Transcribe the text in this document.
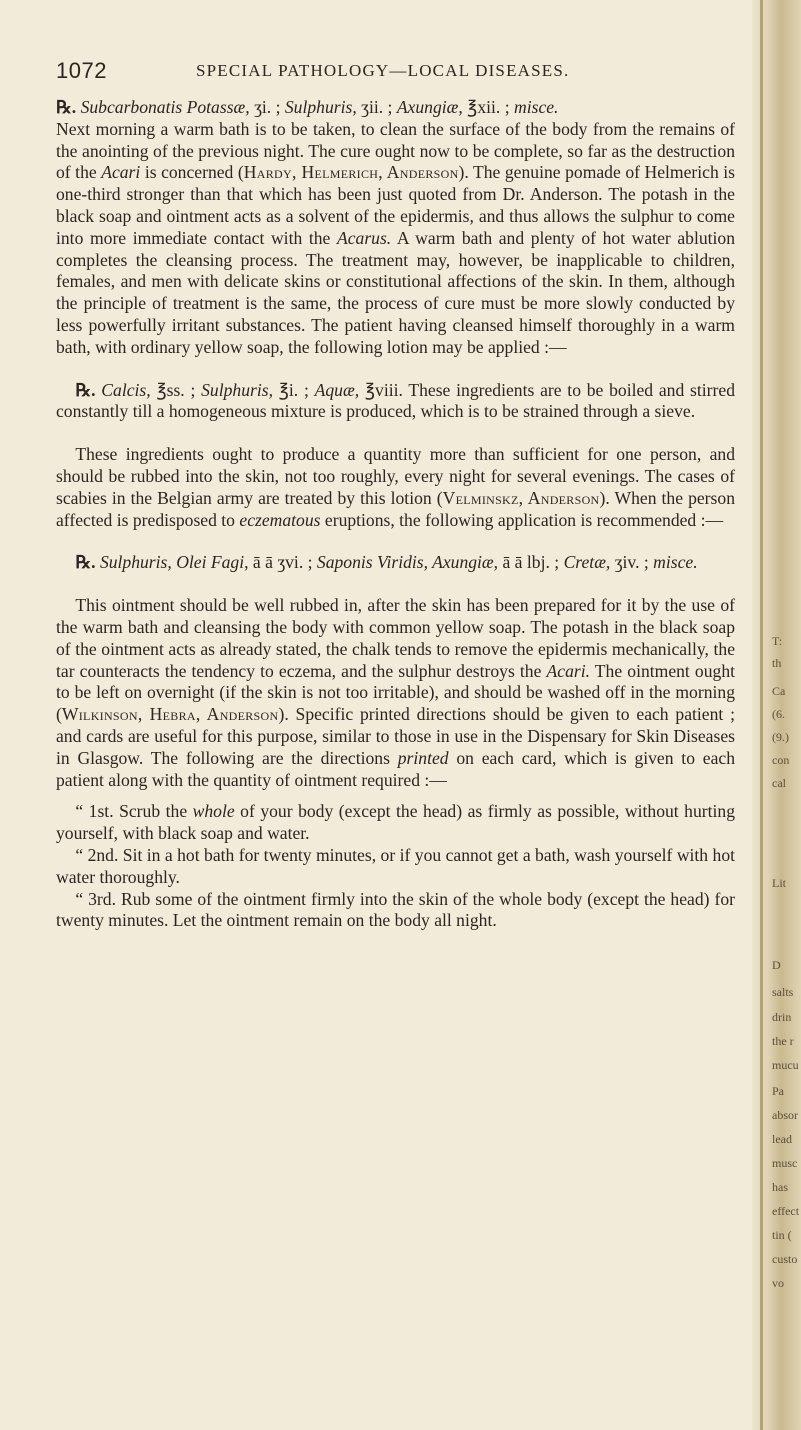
1072	SPECIAL PATHOLOGY—LOCAL DISEASES.

℞. Subcarbonatis Potassæ, ʒi. ; Sulphuris, ʒii. ; Axungiæ, ℥xii. ; misce.

Next morning a warm bath is to be taken, to clean the surface of the body from the remains of the anointing of the previous night. The cure ought now to be complete, so far as the destruction of the Acari is concerned (Hardy, Helmerich, Anderson). The genuine pomade of Helmerich is one-third stronger than that which has been just quoted from Dr. Anderson. The potash in the black soap and ointment acts as a solvent of the epidermis, and thus allows the sulphur to come into more immediate contact with the Acarus. A warm bath and plenty of hot water ablution completes the cleansing process. The treatment may, however, be inapplicable to children, females, and men with delicate skins or constitutional affections of the skin. In them, although the principle of treatment is the same, the process of cure must be more slowly conducted by less powerfully irritant substances. The patient having cleansed himself thoroughly in a warm bath, with ordinary yellow soap, the following lotion may be applied :—

℞. Calcis, ℥ss. ; Sulphuris, ℥i. ; Aquæ, ℥viii. These ingredients are to be boiled and stirred constantly till a homogeneous mixture is produced, which is to be strained through a sieve.

These ingredients ought to produce a quantity more than sufficient for one person, and should be rubbed into the skin, not too roughly, every night for several evenings. The cases of scabies in the Belgian army are treated by this lotion (Velminskz, Anderson). When the person affected is predisposed to eczematous eruptions, the following application is recommended :—

℞. Sulphuris, Olei Fagi, ā ā ʒvi. ; Saponis Viridis, Axungiæ, ā ā lbj. ; Cretæ, ʒiv. ; misce.

This ointment should be well rubbed in, after the skin has been prepared for it by the use of the warm bath and cleansing the body with common yellow soap. The potash in the black soap of the ointment acts as already stated, the chalk tends to remove the epidermis mechanically, the tar counteracts the tendency to eczema, and the sulphur destroys the Acari. The ointment ought to be left on overnight (if the skin is not too irritable), and should be washed off in the morning (Wilkinson, Hebra, Anderson). Specific printed directions should be given to each patient ; and cards are useful for this purpose, similar to those in use in the Dispensary for Skin Diseases in Glasgow. The following are the directions printed on each card, which is given to each patient along with the quantity of ointment required :—

“ 1st. Scrub the whole of your body (except the head) as firmly as possible, without hurting yourself, with black soap and water.

“ 2nd. Sit in a hot bath for twenty minutes, or if you cannot get a bath, wash yourself with hot water thoroughly.

“ 3rd. Rub some of the ointment firmly into the skin of the whole body (except the head) for twenty minutes. Let the ointment remain on the body all night.

T:
th
Ca
(6.
(9.)
con
cal
Lit
D
salts
drin
the r
mucu
Pa
absor
lead
musc
has
effect
tin (
custo
vo
